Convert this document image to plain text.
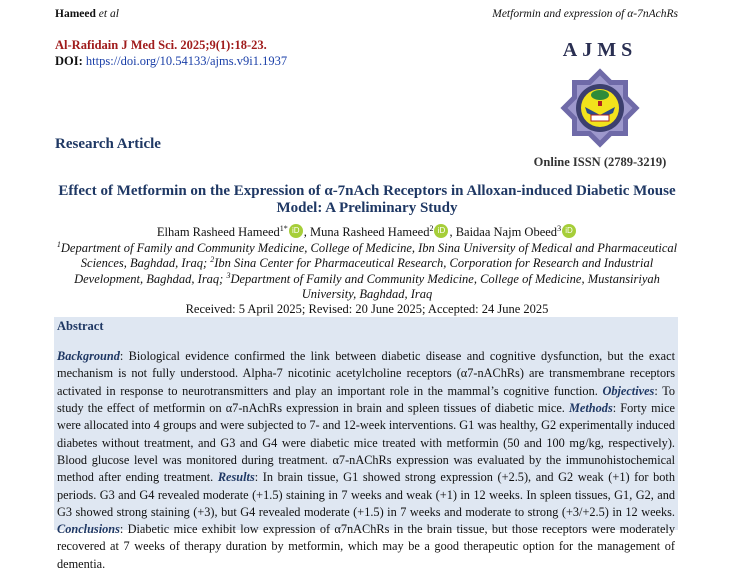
Hameed et al	Metformin and expression of α-7nAchRs
Al-Rafidain J Med Sci. 2025;9(1):18-23.
DOI: https://doi.org/10.54133/ajms.v9i1.1937	AJMS
Online ISSN (2789-3219)
Research Article
Effect of Metformin on the Expression of α-7nAch Receptors in Alloxan-induced Diabetic Mouse Model: A Preliminary Study
Elham Rasheed Hameed$^{1*}$ iD , Muna Rasheed Hameed$^2$ iD , Baidaa Najm Obeed$^3$ iD
$^1$Department of Family and Community Medicine, College of Medicine, Ibn Sina University of Medical and Pharmaceutical Sciences, Baghdad, Iraq; $^2$Ibn Sina Center for Pharmaceutical Research, Corporation for Research and Industrial Development, Baghdad, Iraq; $^3$Department of Family and Community Medicine, College of Medicine, Mustansiriyah University, Baghdad, Iraq
Received: 5 April 2025; Revised: 20 June 2025; Accepted: 24 June 2025
Abstract
Background: Biological evidence confirmed the link between diabetic disease and cognitive dysfunction, but the exact mechanism is not fully understood. Alpha-7 nicotinic acetylcholine receptors (α7-nAChRs) are transmembrane receptors activated in response to neurotransmitters and play an important role in the mammal’s cognitive function. Objectives: To study the effect of metformin on α7-nAchRs expression in brain and spleen tissues of diabetic mice. Methods: Forty mice were allocated into 4 groups and were subjected to 7- and 12-week interventions. G1 was healthy, G2 experimentally induced diabetes without treatment, and G3 and G4 were diabetic mice treated with metformin (50 and 100 mg/kg, respectively). Blood glucose level was monitored during treatment. α7-nAChRs expression was evaluated by the immunohistochemical method after ending treatment. Results: In brain tissue, G1 showed strong expression (+2.5), and G2 weak (+1) for both periods. G3 and G4 revealed moderate (+1.5) staining in 7 weeks and weak (+1) in 12 weeks. In spleen tissues, G1, G2, and G3 showed strong staining (+3), but G4 revealed moderate (+1.5) in 7 weeks and moderate to strong (+3/+2.5) in 12 weeks. Conclusions: Diabetic mice exhibit low expression of α7nAChRs in the brain tissue, but those receptors were moderately recovered at 7 weeks of therapy duration by metformin, which may be a good therapeutic option for the management of dementia.
